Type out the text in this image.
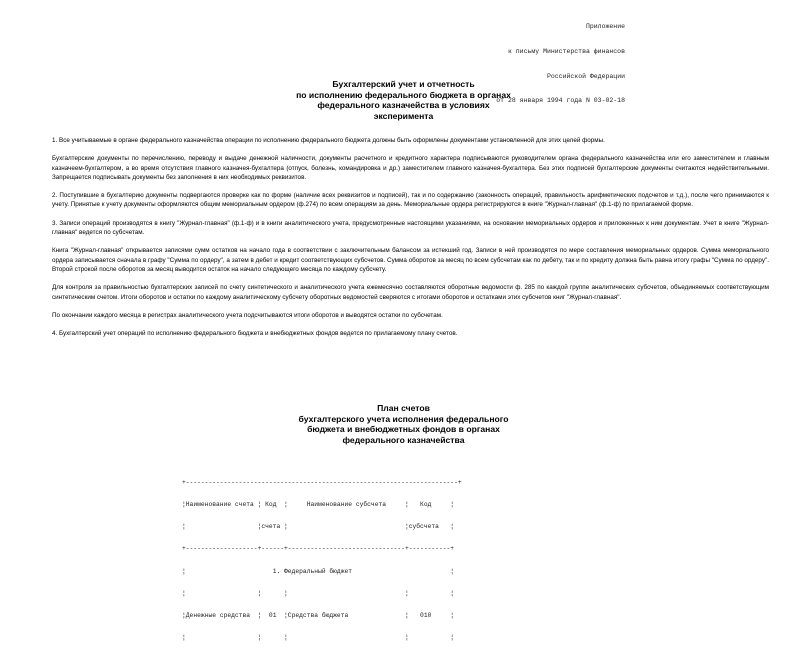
Приложение

к письму Министерства финансов

Российской Федерации

от 28 января 1994 года N 03-02-18

Бухгалтерский учет и отчетность
по исполнению федерального бюджета в органах
федерального казначейства в условиях
эксперимента

1. Все учитываемые в органе федерального казначейства операции по исполнению федерального бюджета должны быть оформлены документами установленной для этих целей формы.

Бухгалтерские документы по перечислению, переводу и выдаче денежной наличности, документы расчетного и кредитного характера подписываются руководителем органа федерального казначейства или его заместителем и главным казначеем-бухгалтером, а во время отсутствия главного казначея-бухгалтера (отпуск, болезнь, командировка и др.) заместителем главного казначея-бухгалтера. Без этих подписей бухгалтерские документы считаются недействительными. Запрещается подписывать документы без заполнения в них необходимых реквизитов.

2. Поступившие в бухгалтерию документы подвергаются проверке как по форме (наличие всех реквизитов и подписей), так и по содержанию (законность операций, правильность арифметических подсчетов и т.д.), после чего принимаются к учету. Принятые к учету документы оформляются общим мемориальным ордером (ф.274) по всем операциям за день. Мемориальные ордера регистрируются в книге "Журнал-главная" (ф.1-ф) по прилагаемой форме.

3. Записи операций производятся в книгу "Журнал-главная" (ф.1-ф) и в книги аналитического учета, предусмотренные настоящими указаниями, на основании мемориальных ордеров и приложенных к ним документам. Учет в книге "Журнал-главная" ведется по субсчетам.

Книга "Журнал-главная" открывается записями сумм остатков на начало года в соответствии с заключительным балансом за истекший год. Записи в ней производятся по мере составления мемориальных ордеров. Сумма мемориального ордера записывается сначала в графу "Сумма по ордеру", а затем в дебет и кредит соответствующих субсчетов. Сумма оборотов за месяц по всем субсчетам как по дебету, так и по кредиту должна быть равна итогу графы "Сумма по ордеру". Второй строкой после оборотов за месяц выводится остаток на начало следующего месяца по каждому субсчету.

Для контроля за правильностью бухгалтерских записей по счету синтетического и аналитического учета ежемесячно составляются оборотные ведомости ф. 285 по каждой группе аналитических субсчетов, объединяемых соответствующим синтетическим счетом. Итоги оборотов и остатки по каждому аналитическому субсчету оборотных ведомостей сверяются с итогами оборотов и остатками этих субсчетов книг "Журнал-главная".

По окончании каждого месяца в регистрах аналитического учета подсчитываются итоги оборотов и выводятся остатки по субсчетам.

4. Бухгалтерский учет операций по исполнению федерального бюджета и внебюджетных фондов ведется по прилагаемому плану счетов.

План счетов
бухгалтерского учета исполнения федерального
бюджета и внебюджетных фондов в органах
федерального казначейства

+------------------------------------------------------------------------+

¦Наименование счета ¦ Код  ¦     Наименование субсчета     ¦   Код     ¦

¦                   ¦счета ¦                               ¦субсчета   ¦

+-------------------+------+-------------------------------+-----------+

¦                       1. Федеральный бюджет                          ¦

¦                   ¦      ¦                               ¦           ¦

¦Денежные средства  ¦  01  ¦Средства бюджета               ¦   010     ¦

¦                   ¦      ¦                               ¦           ¦
